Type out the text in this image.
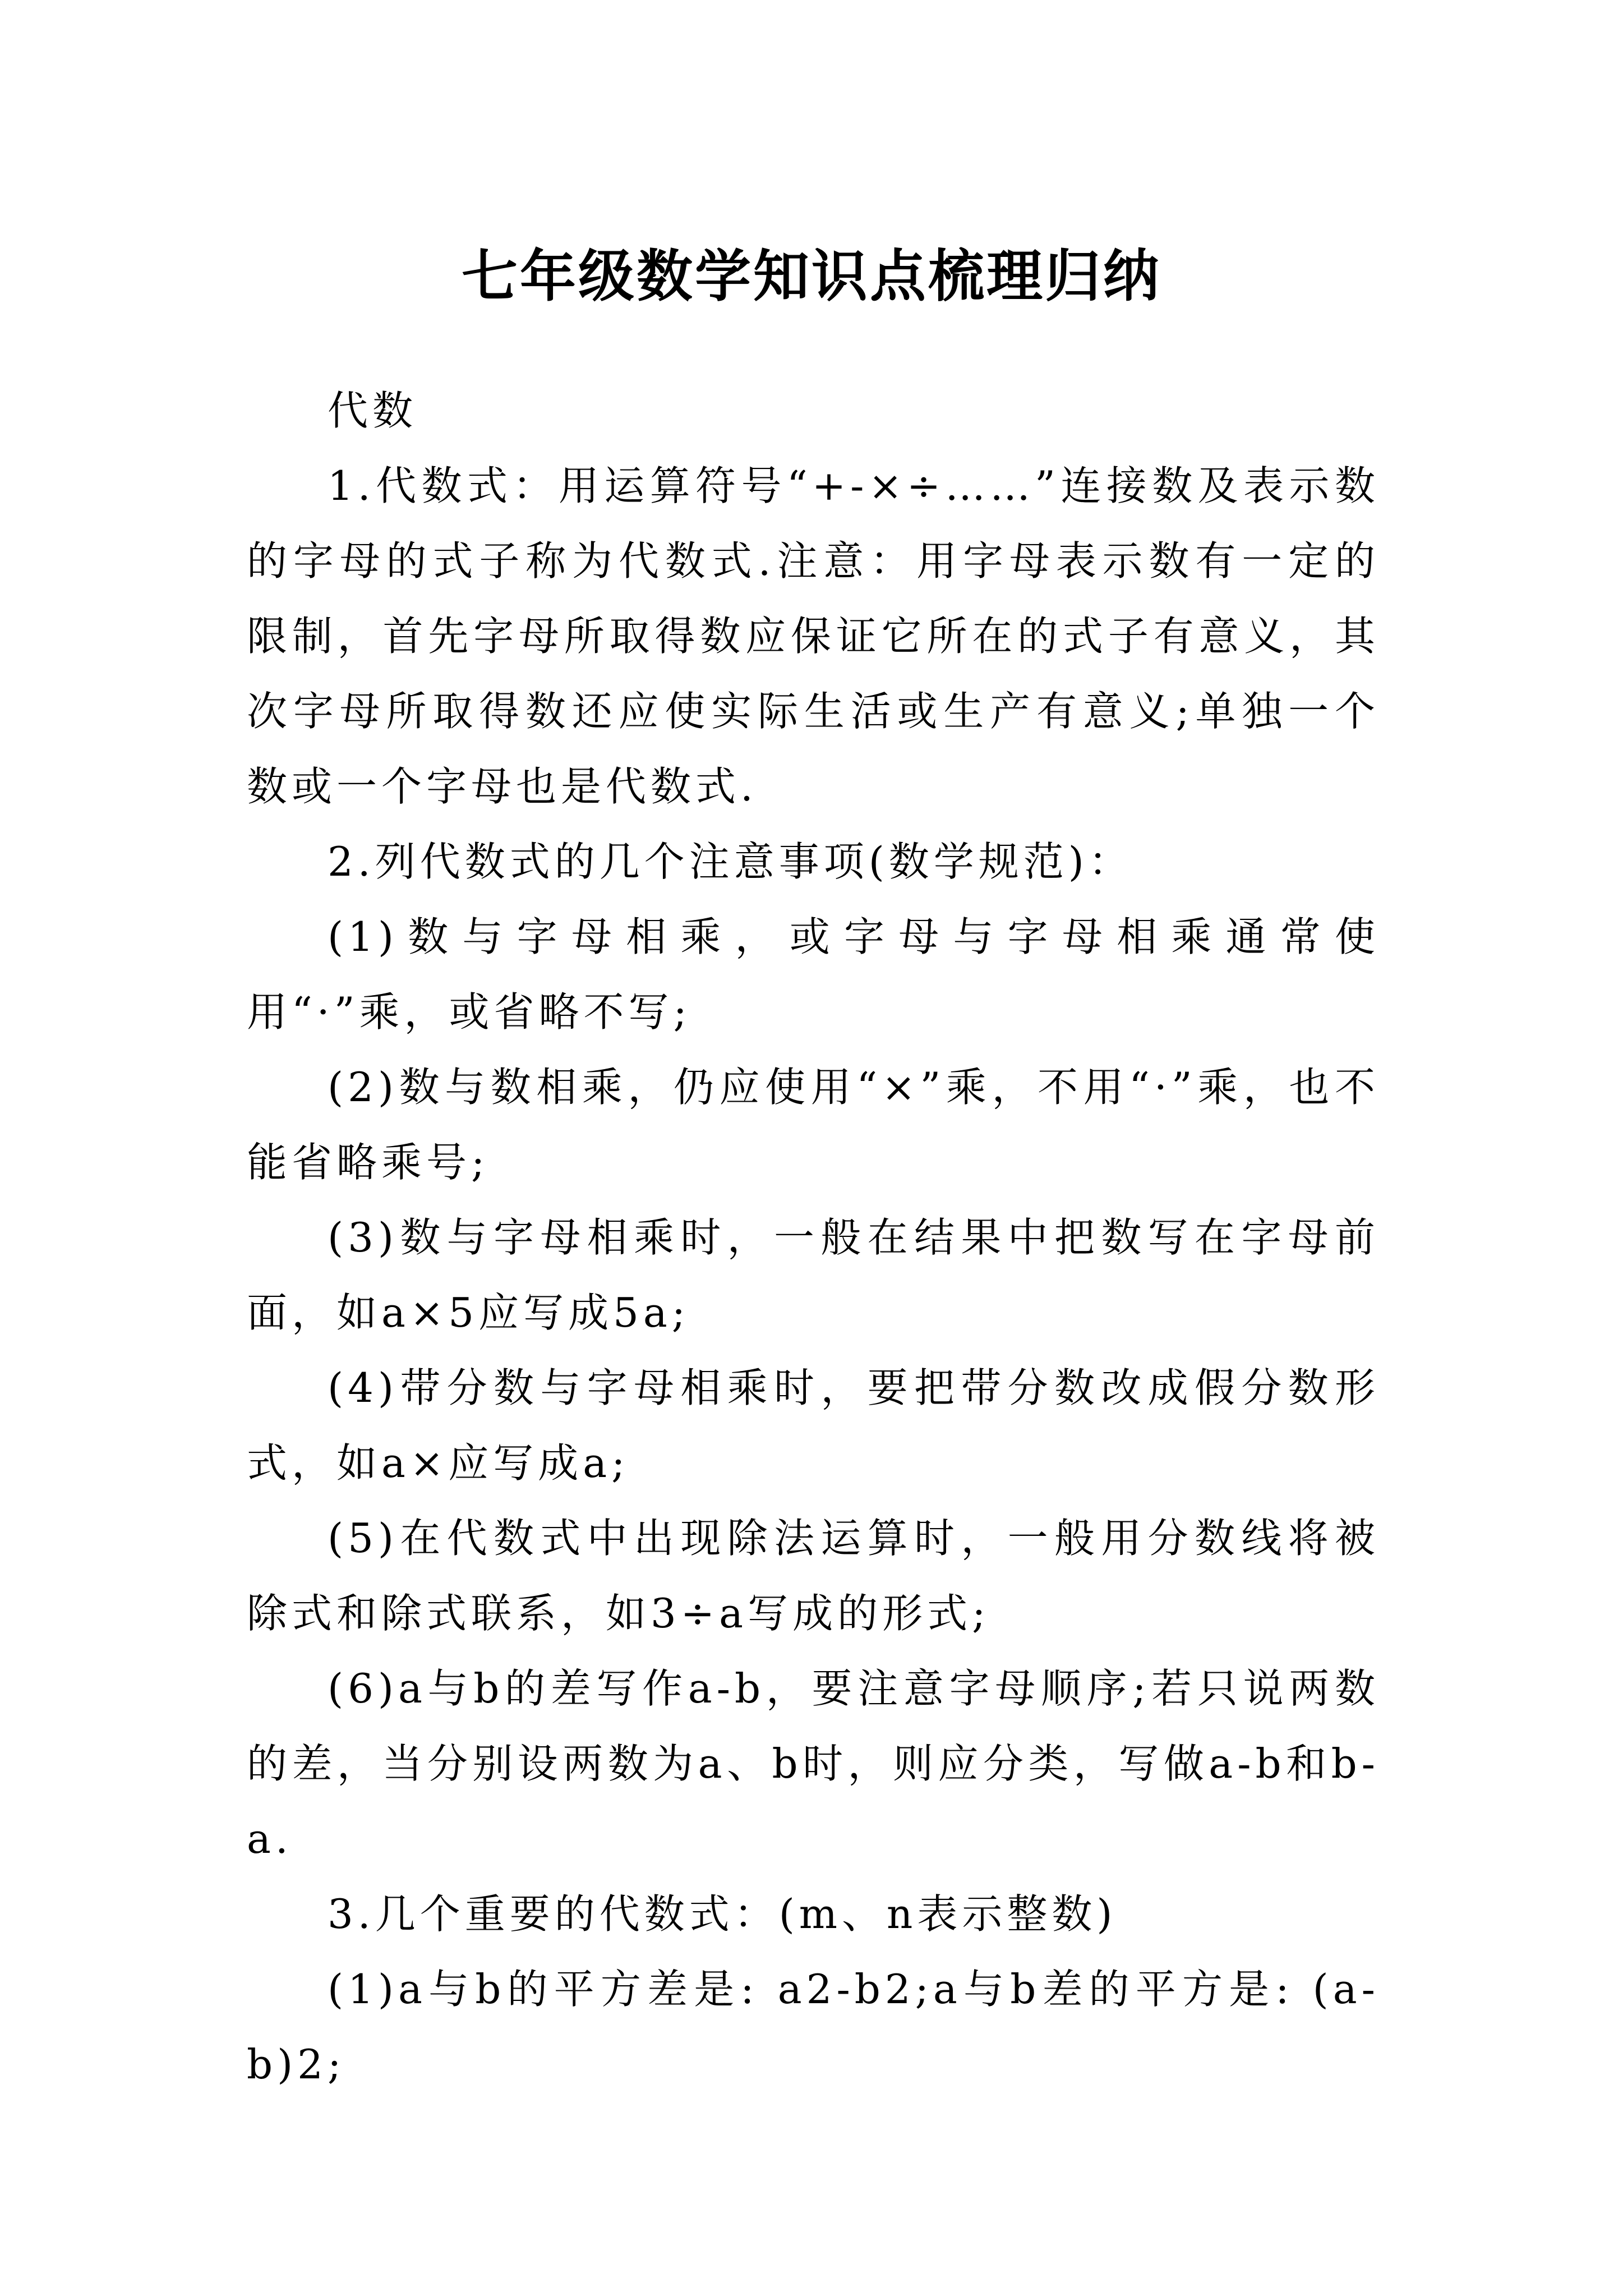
七年级数学知识点梳理归纳

代数

1.代数式：用运算符号“+-×÷……”连接数及表示数的字母的式子称为代数式.注意：用字母表示数有一定的限制，首先字母所取得数应保证它所在的式子有意义，其次字母所取得数还应使实际生活或生产有意义;单独一个数或一个字母也是代数式.

2.列代数式的几个注意事项(数学规范)：

(1)数与字母相乘，或字母与字母相乘通常使用“·”乘，或省略不写;

(2)数与数相乘，仍应使用“×”乘，不用“·”乘，也不能省略乘号;

(3)数与字母相乘时，一般在结果中把数写在字母前面，如a×5应写成5a;

(4)带分数与字母相乘时，要把带分数改成假分数形式，如a×应写成a;

(5)在代数式中出现除法运算时，一般用分数线将被除式和除式联系，如3÷a写成的形式;

(6)a与b的差写作a-b，要注意字母顺序;若只说两数的差，当分别设两数为a、b时，则应分类，写做a-b和b-a.

3.几个重要的代数式：(m、n表示整数)

(1)a与b的平方差是: a2-b2;a与b差的平方是: (a-b)2;
